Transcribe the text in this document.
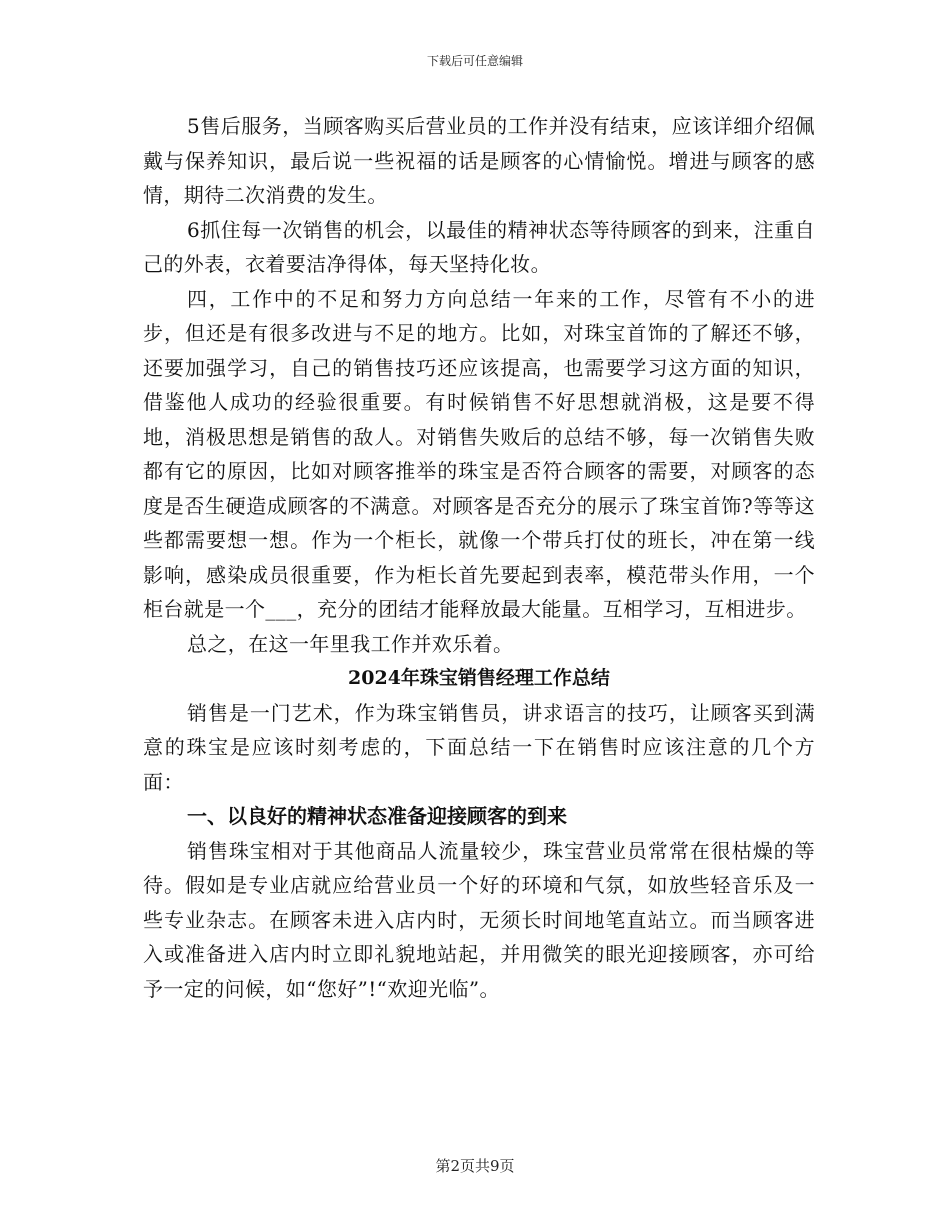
下载后可任意编辑

5售后服务，当顾客购买后营业员的工作并没有结束，应该详细介绍佩戴与保养知识，最后说一些祝福的话是顾客的心情愉悦。增进与顾客的感情，期待二次消费的发生。

6抓住每一次销售的机会，以最佳的精神状态等待顾客的到来，注重自己的外表，衣着要洁净得体，每天坚持化妆。

四，工作中的不足和努力方向总结一年来的工作，尽管有不小的进步，但还是有很多改进与不足的地方。比如，对珠宝首饰的了解还不够，还要加强学习，自己的销售技巧还应该提高，也需要学习这方面的知识，借鉴他人成功的经验很重要。有时候销售不好思想就消极，这是要不得地，消极思想是销售的敌人。对销售失败后的总结不够，每一次销售失败都有它的原因，比如对顾客推举的珠宝是否符合顾客的需要，对顾客的态度是否生硬造成顾客的不满意。对顾客是否充分的展示了珠宝首饰?等等这些都需要想一想。作为一个柜长，就像一个带兵打仗的班长，冲在第一线影响，感染成员很重要，作为柜长首先要起到表率，模范带头作用，一个柜台就是一个___，充分的团结才能释放最大能量。互相学习，互相进步。

总之，在这一年里我工作并欢乐着。

2024年珠宝销售经理工作总结

销售是一门艺术，作为珠宝销售员，讲求语言的技巧，让顾客买到满意的珠宝是应该时刻考虑的，下面总结一下在销售时应该注意的几个方面：

一、以良好的精神状态准备迎接顾客的到来

销售珠宝相对于其他商品人流量较少，珠宝营业员常常在很枯燥的等待。假如是专业店就应给营业员一个好的环境和气氛，如放些轻音乐及一些专业杂志。在顾客未进入店内时，无须长时间地笔直站立。而当顾客进入或准备进入店内时立即礼貌地站起，并用微笑的眼光迎接顾客，亦可给予一定的问候，如“您好”!“欢迎光临”。

第2页共9页
